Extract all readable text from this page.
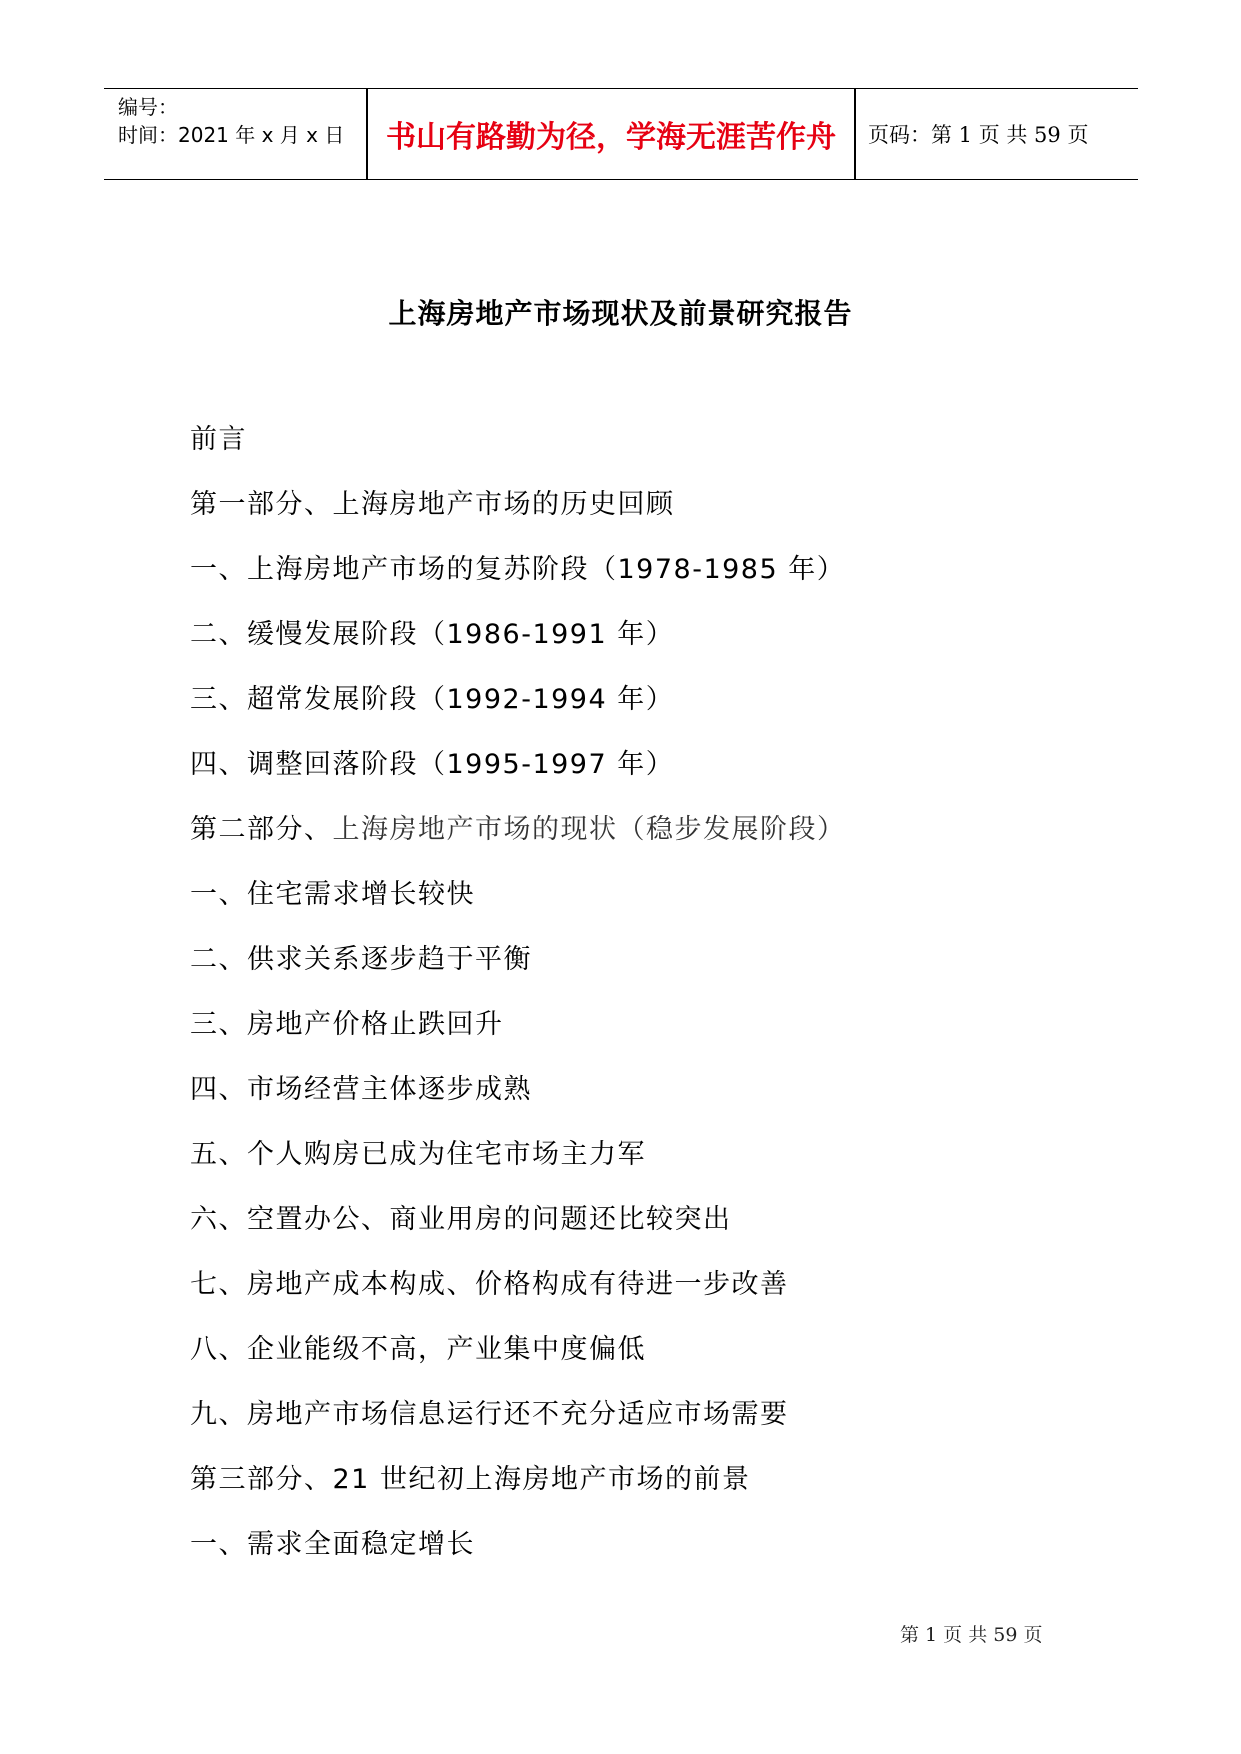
编号：
时间：2021 年 x 月 x 日	书山有路勤为径，学海无涯苦作舟	页码：第 1 页 共 59 页
上海房地产市场现状及前景研究报告
前言
第一部分、上海房地产市场的历史回顾
一、上海房地产市场的复苏阶段（1978-1985 年）
二、缓慢发展阶段（1986-1991 年）
三、超常发展阶段（1992-1994 年）
四、调整回落阶段（1995-1997 年）
第二部分、上海房地产市场的现状（稳步发展阶段）
一、住宅需求增长较快
二、供求关系逐步趋于平衡
三、房地产价格止跌回升
四、市场经营主体逐步成熟
五、个人购房已成为住宅市场主力军
六、空置办公、商业用房的问题还比较突出
七、房地产成本构成、价格构成有待进一步改善
八、企业能级不高，产业集中度偏低
九、房地产市场信息运行还不充分适应市场需要
第三部分、21 世纪初上海房地产市场的前景
一、需求全面稳定增长
第 1 页 共 59 页
